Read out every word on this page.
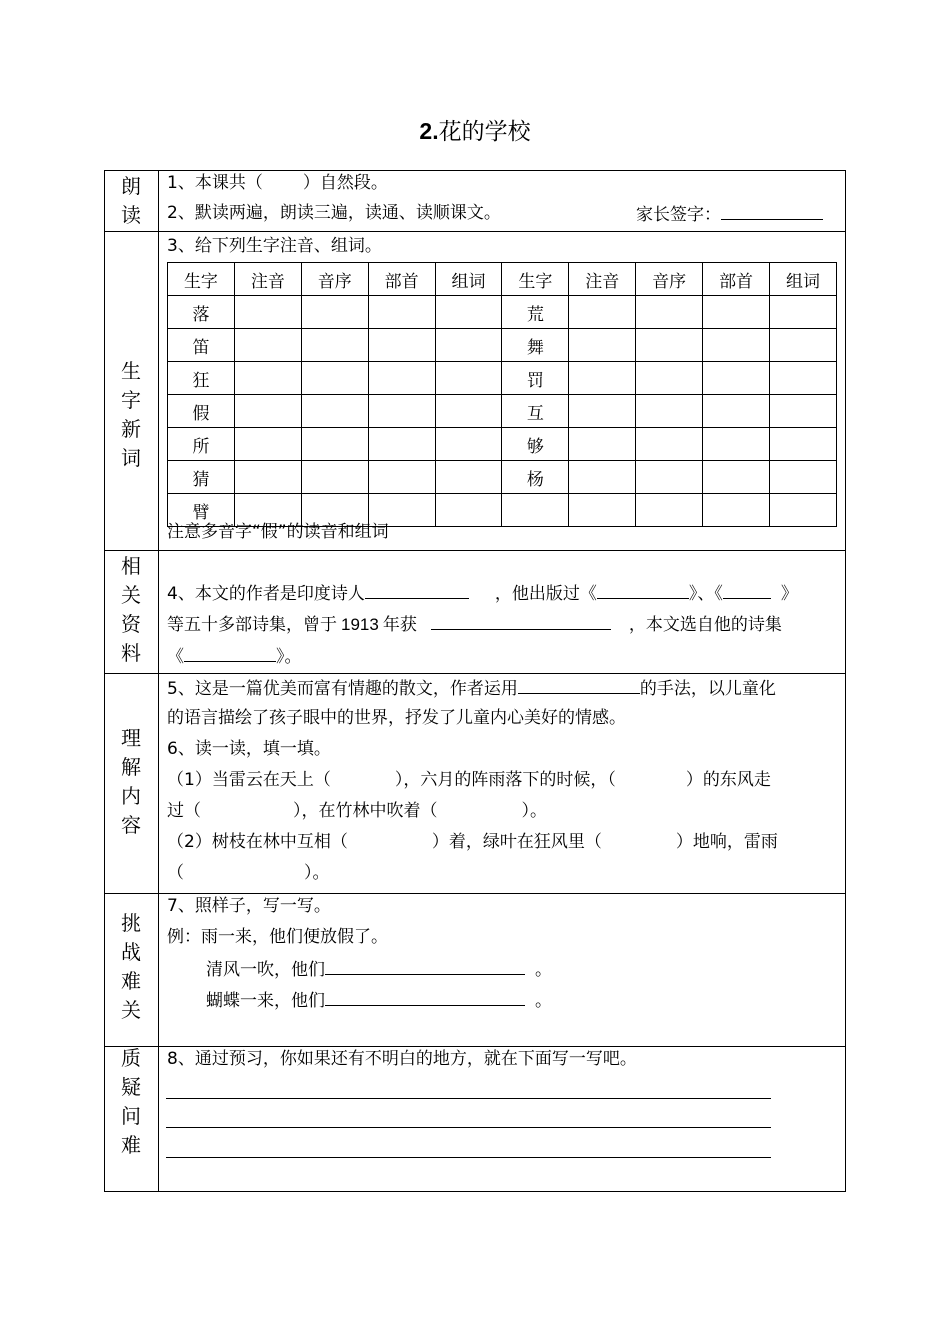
2.花的学校
朗
读
1、本课共（ ）自然段。
2、默读两遍，朗读三遍，读通、读顺课文。	家长签字：
生
字
新
词
3、给下列生字注音、组词。
生字	注音	音序	部首	组词	生字	注音	音序	部首	组词
落					荒				
笛					舞				
狂					罚				
假					互				
所					够				
猜					杨				
臂									
注意多音字“假”的读音和组词
相
关
资
料
4、本文的作者是印度诗人	，他出版过《	》、《	》
等五十多部诗集，曾于 1913 年获	，本文选自他的诗集
《	》。
理
解
内
容
5、这是一篇优美而富有情趣的散文，作者运用	的手法，以儿童化
的语言描绘了孩子眼中的世界，抒发了儿童内心美好的情感。
6、读一读，填一填。
（1）当雷云在天上（	），六月的阵雨落下的时候，（	）的东风走
过（	），在竹林中吹着（	）。
（2）树枝在林中互相（	）着，绿叶在狂风里（	）地响，雷雨
（	）。
挑
战
难
关
7、照样子，写一写。
例：雨一来，他们便放假了。
清风一吹，他们	。
蝴蝶一来，他们	。
质
疑
问
难
8、通过预习，你如果还有不明白的地方，就在下面写一写吧。
